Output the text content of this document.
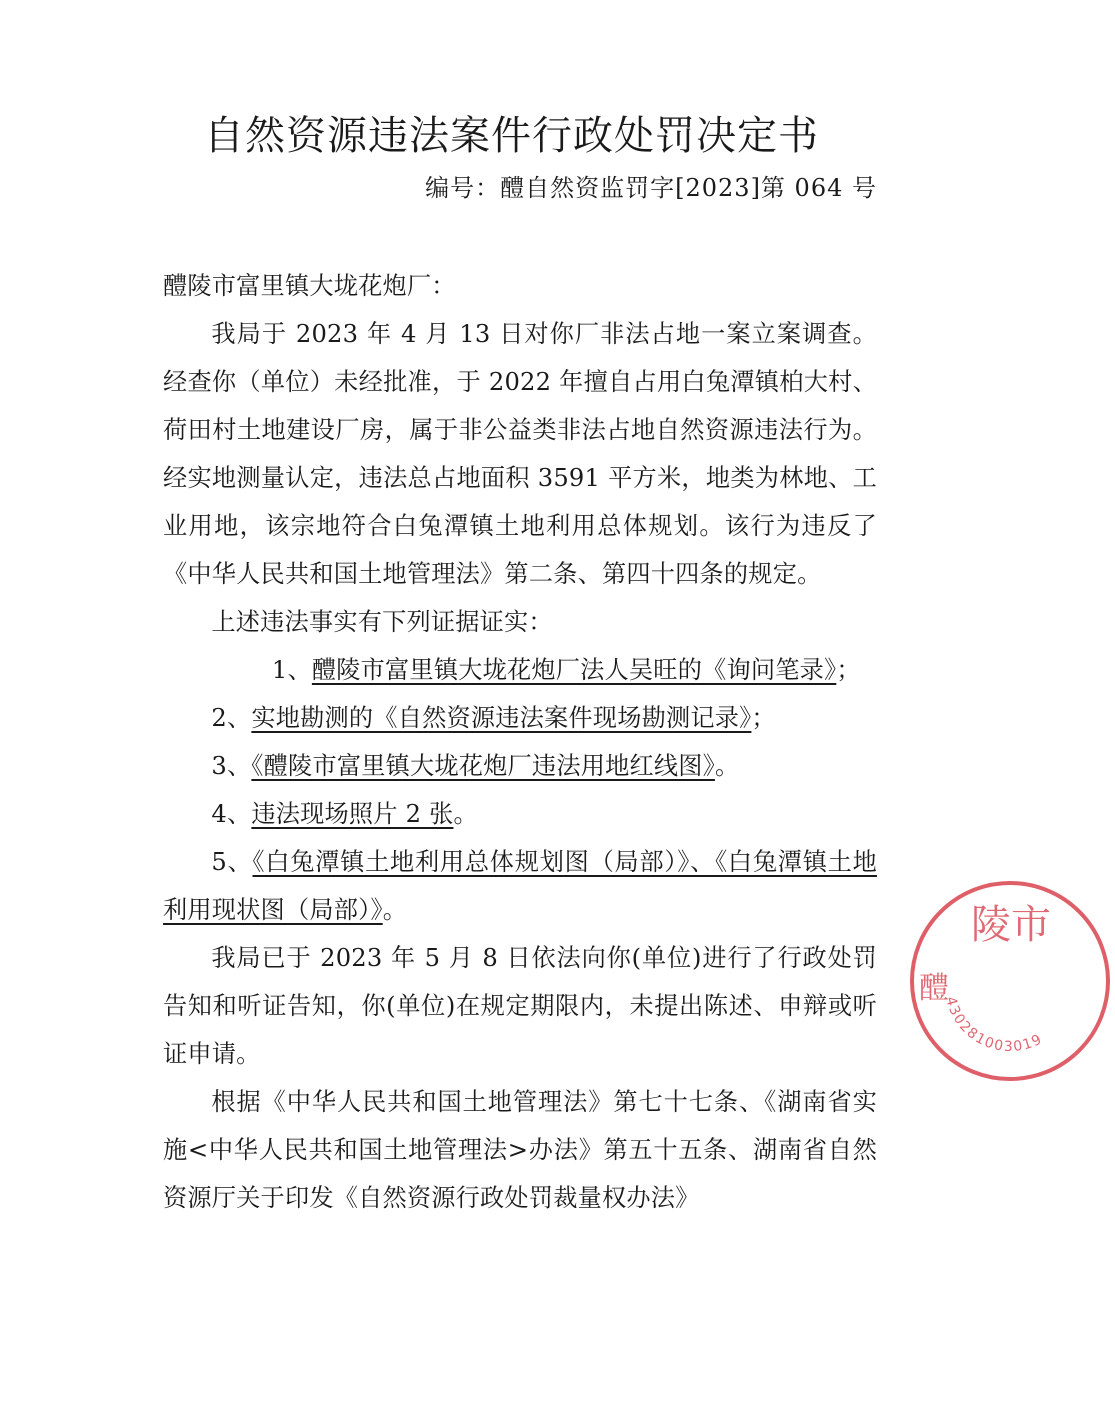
自然资源违法案件行政处罚决定书
编号：醴自然资监罚字[2023]第 064 号

醴陵市富里镇大垅花炮厂：

我局于 2023 年 4 月 13 日对你厂非法占地一案立案调查。经查你（单位）未经批准，于 2022 年擅自占用白兔潭镇柏大村、荷田村土地建设厂房，属于非公益类非法占地自然资源违法行为。经实地测量认定，违法总占地面积 3591 平方米，地类为林地、工业用地，该宗地符合白兔潭镇土地利用总体规划。该行为违反了《中华人民共和国土地管理法》第二条、第四十四条的规定。

上述违法事实有下列证据证实：

1、醴陵市富里镇大垅花炮厂法人吴旺的《询问笔录》；

2、实地勘测的《自然资源违法案件现场勘测记录》；

3、《醴陵市富里镇大垅花炮厂违法用地红线图》。

4、违法现场照片 2 张。

5、《白兔潭镇土地利用总体规划图（局部）》、《白兔潭镇土地利用现状图（局部）》。

我局已于 2023 年 5 月 8 日依法向你(单位)进行了行政处罚告知和听证告知，你(单位)在规定期限内，未提出陈述、申辩或听证申请。

根据《中华人民共和国土地管理法》第七十七条、《湖南省实施<中华人民共和国土地管理法>办法》第五十五条、湖南省自然资源厅关于印发《自然资源行政处罚裁量权办法》

陵市
醴
430281003019
